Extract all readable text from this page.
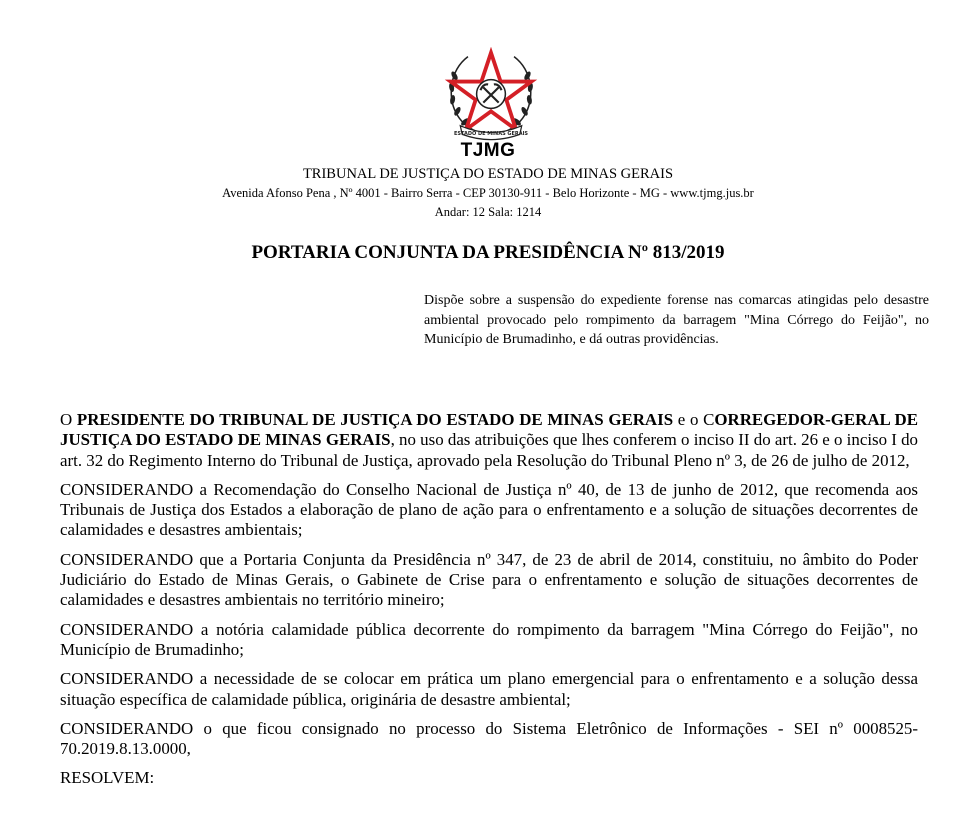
ESTADO DE MINAS GERAIS
TJMG
TRIBUNAL DE JUSTIÇA DO ESTADO DE MINAS GERAIS
Avenida Afonso Pena , Nº 4001 - Bairro Serra - CEP 30130-911 - Belo Horizonte - MG - www.tjmg.jus.br
Andar: 12 Sala: 1214
PORTARIA CONJUNTA DA PRESIDÊNCIA Nº 813/2019
Dispõe sobre a suspensão do expediente forense nas comarcas atingidas pelo desastre ambiental provocado pelo rompimento da barragem "Mina Córrego do Feijão", no Município de Brumadinho, e dá outras providências.

O PRESIDENTE DO TRIBUNAL DE JUSTIÇA DO ESTADO DE MINAS GERAIS e o CORREGEDOR-GERAL DE JUSTIÇA DO ESTADO DE MINAS GERAIS, no uso das atribuições que lhes conferem o inciso II do art. 26 e o inciso I do art. 32 do Regimento Interno do Tribunal de Justiça, aprovado pela Resolução do Tribunal Pleno nº 3, de 26 de julho de 2012,

CONSIDERANDO a Recomendação do Conselho Nacional de Justiça nº 40, de 13 de junho de 2012, que recomenda aos Tribunais de Justiça dos Estados a elaboração de plano de ação para o enfrentamento e a solução de situações decorrentes de calamidades e desastres ambientais;

CONSIDERANDO que a Portaria Conjunta da Presidência nº 347, de 23 de abril de 2014, constituiu, no âmbito do Poder Judiciário do Estado de Minas Gerais, o Gabinete de Crise para o enfrentamento e solução de situações decorrentes de calamidades e desastres ambientais no território mineiro;

CONSIDERANDO a notória calamidade pública decorrente do rompimento da barragem "Mina Córrego do Feijão", no Município de Brumadinho;

CONSIDERANDO a necessidade de se colocar em prática um plano emergencial para o enfrentamento e a solução dessa situação específica de calamidade pública, originária de desastre ambiental;

CONSIDERANDO o que ficou consignado no processo do Sistema Eletrônico de Informações - SEI nº 0008525-70.2019.8.13.0000,

RESOLVEM:
